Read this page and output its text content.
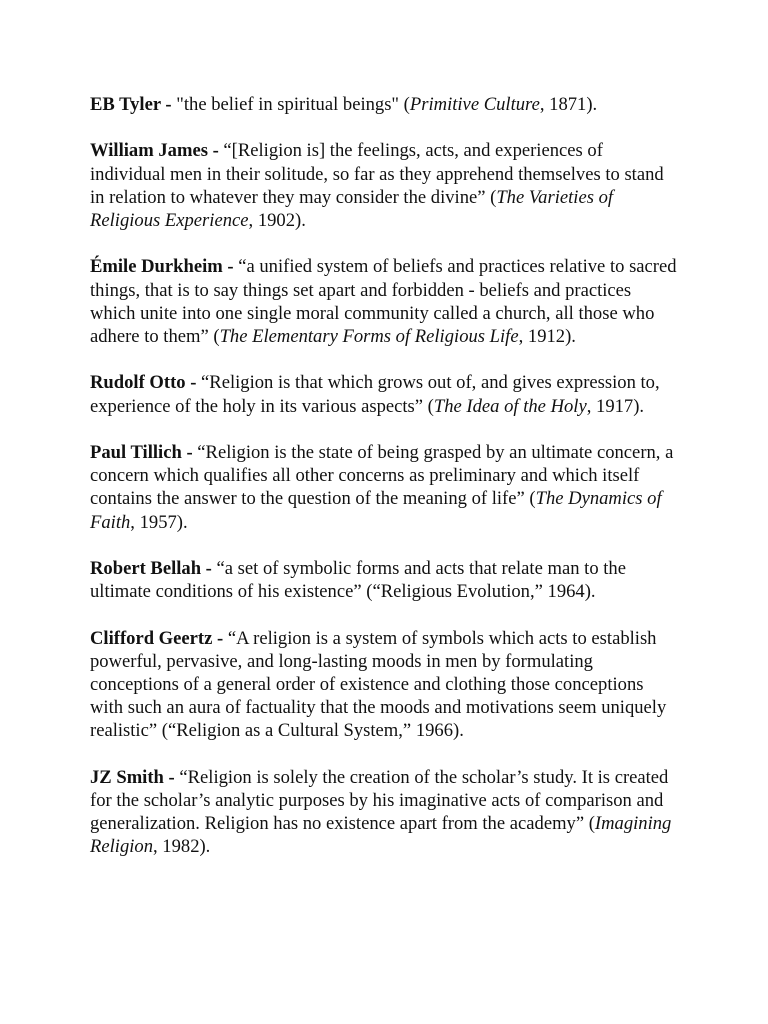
EB Tyler - "the belief in spiritual beings" (Primitive Culture, 1871).

William James - “[Religion is] the feelings, acts, and experiences of individual men in their solitude, so far as they apprehend themselves to stand in relation to whatever they may consider the divine” (The Varieties of Religious Experience, 1902).

Émile Durkheim - “a unified system of beliefs and practices relative to sacred things, that is to say things set apart and forbidden - beliefs and practices which unite into one single moral community called a church, all those who adhere to them” (The Elementary Forms of Religious Life, 1912).

Rudolf Otto - “Religion is that which grows out of, and gives expression to, experience of the holy in its various aspects” (The Idea of the Holy, 1917).

Paul Tillich - “Religion is the state of being grasped by an ultimate concern, a concern which qualifies all other concerns as preliminary and which itself contains the answer to the question of the meaning of life” (The Dynamics of Faith, 1957).

Robert Bellah - “a set of symbolic forms and acts that relate man to the ultimate conditions of his existence” (“Religious Evolution,” 1964).

Clifford Geertz - “A religion is a system of symbols which acts to establish powerful, pervasive, and long-lasting moods in men by formulating conceptions of a general order of existence and clothing those conceptions with such an aura of factuality that the moods and motivations seem uniquely realistic” (“Religion as a Cultural System,” 1966).

JZ Smith - “Religion is solely the creation of the scholar’s study. It is created for the scholar’s analytic purposes by his imaginative acts of comparison and generalization. Religion has no existence apart from the academy” (Imagining Religion, 1982).
